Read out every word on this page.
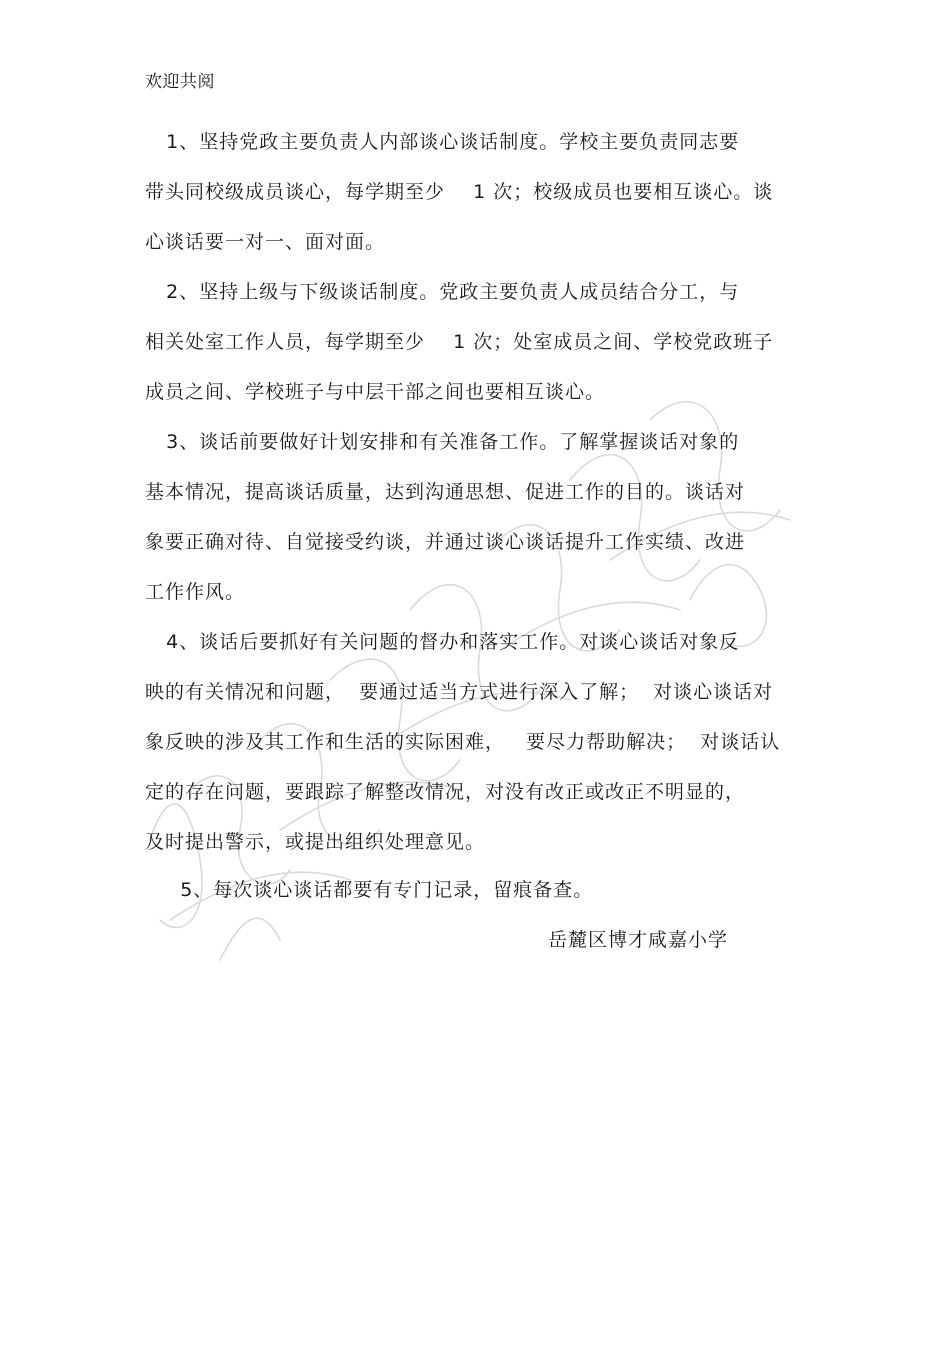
欢迎共阅
1、坚持党政主要负责人内部谈心谈话制度。学校主要负责同志要
带头同校级成员谈心，每学期至少    1 次；校级成员也要相互谈心。谈
心谈话要一对一、面对面。
2、坚持上级与下级谈话制度。党政主要负责人成员结合分工，与
相关处室工作人员，每学期至少    1 次；处室成员之间、学校党政班子
成员之间、学校班子与中层干部之间也要相互谈心。
3、谈话前要做好计划安排和有关准备工作。了解掌握谈话对象的
基本情况，提高谈话质量，达到沟通思想、促进工作的目的。谈话对
象要正确对待、自觉接受约谈，并通过谈心谈话提升工作实绩、改进
工作作风。
4、谈话后要抓好有关问题的督办和落实工作。对谈心谈话对象反
映的有关情况和问题，  要通过适当方式进行深入了解；  对谈心谈话对
象反映的涉及其工作和生活的实际困难，   要尽力帮助解决；  对谈话认
定的存在问题，要跟踪了解整改情况，对没有改正或改正不明显的，
及时提出警示，或提出组织处理意见。
5、每次谈心谈话都要有专门记录，留痕备查。
岳麓区博才咸嘉小学
